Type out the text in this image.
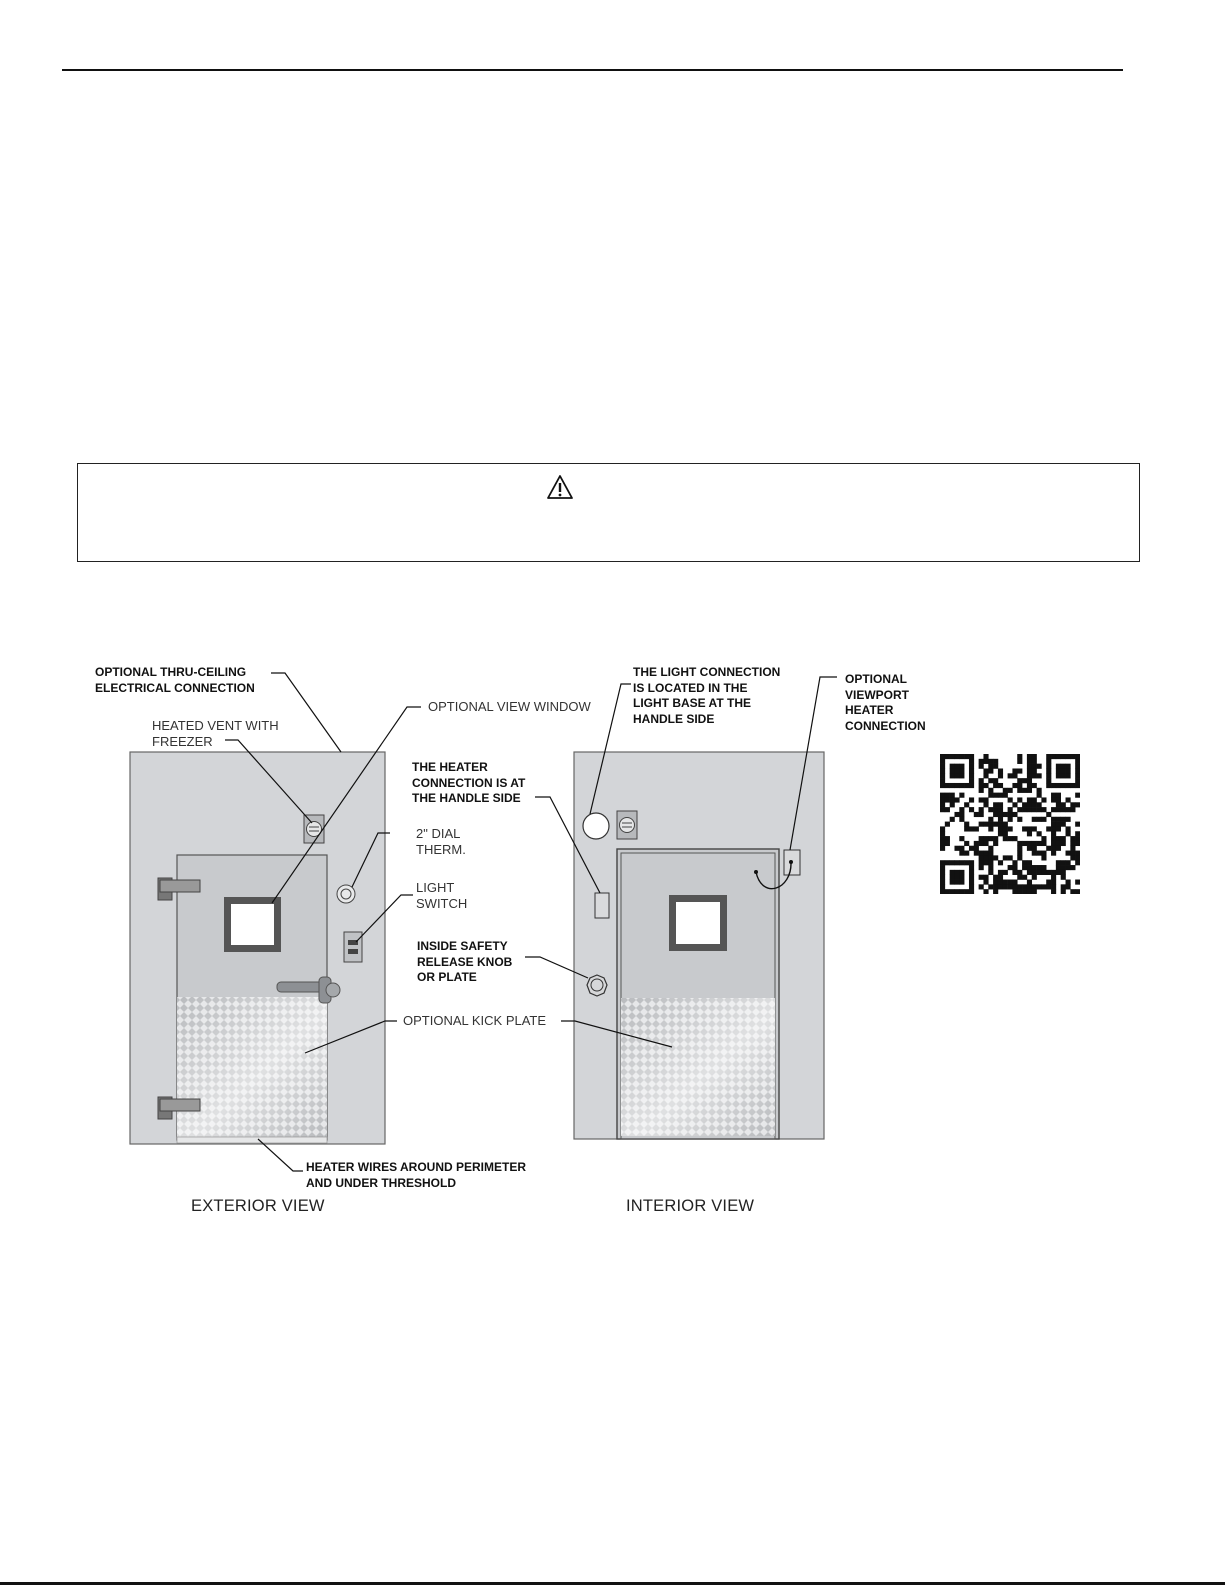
OPTIONAL THRU-CEILING
ELECTRICAL CONNECTION
HEATED VENT WITH
FREEZER
OPTIONAL VIEW WINDOW
2" DIAL
THERM.
LIGHT
SWITCH
OPTIONAL KICK PLATE
HEATER WIRES AROUND PERIMETER
AND UNDER THRESHOLD
EXTERIOR VIEW
THE LIGHT CONNECTION
IS LOCATED IN THE
LIGHT BASE AT THE
HANDLE SIDE
OPTIONAL
VIEWPORT
HEATER
CONNECTION
THE HEATER
CONNECTION IS AT
THE HANDLE SIDE
INSIDE SAFETY
RELEASE KNOB
OR PLATE
INTERIOR VIEW
